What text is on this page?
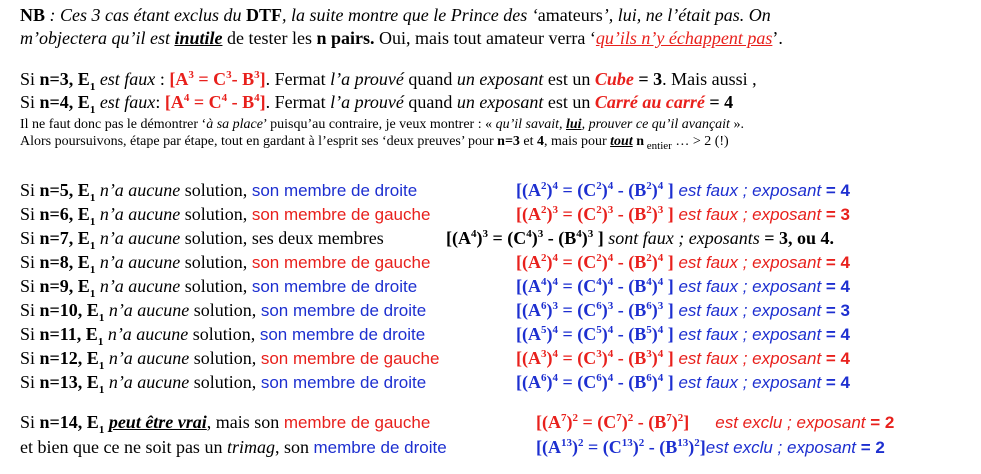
NB : Ces 3 cas étant exclus du DTF, la suite montre que le Prince des ‘amateurs’, lui, ne l’était pas. On
m’objectera qu’il est inutile de tester les n pairs. Oui, mais tout amateur verra ‘qu’ils n’y échappent pas’.
Si n=3, $E_1$ est faux : [$A^3 = C^3-$ $B^3$]. Fermat l’a prouvé quand un exposant est un Cube = 3. Mais aussi ,
Si n=4, $E_1$ est faux: $[A^4 = C^4 - B^4]$. Fermat l’a prouvé quand un exposant est un Carré au carré = 4
Il ne faut donc pas le démontrer ‘à sa place’ puisqu’au contraire, je veux montrer : « qu’il savait, lui, prouver ce qu’il avançait ».
Alors poursuivons, étape par étape, tout en gardant à l’esprit ses ‘deux preuves’ pour n=3 et 4, mais pour tout n $_{entier}$ … > 2 (!)
Si n=5, $E_1$ n’a aucune solution, son membre de droite	[$(A^2)^4 = (C^2)^4 - (B^2)^4$ ] est faux ; exposant = 4
Si n=6, $E_1$ n’a aucune solution, son membre de gauche	[$(A^2)^3 = (C^2)^3 - (B^2)^3$ ] est faux ; exposant = 3
Si n=7, $E_1$ n’a aucune solution, ses deux membres	[$(A^4)^3 = (C^4)^3 - (B^4)^3$ ] sont faux ; exposants = 3, ou 4.
Si n=8, $E_1$ n’a aucune solution, son membre de gauche	[$(A^2)^4 = (C^2)^4 - (B^2)^4$ ] est faux ; exposant = 4
Si n=9, $E_1$ n’a aucune solution, son membre de droite	[$(A^4)^4 = (C^4)^4 - (B^4)^4$ ] est faux ; exposant = 4
Si n=10, $E_1$ n’a aucune solution, son membre de droite	[$(A^6)^3 = (C^6)^3 - (B^6)^3$ ] est faux ; exposant = 3
Si n=11, $E_1$ n’a aucune solution, son membre de droite	[$(A^5)^4 = (C^5)^4 - (B^5)^4$ ] est faux ; exposant = 4
Si n=12, $E_1$ n’a aucune solution, son membre de gauche	[$(A^3)^4 = (C^3)^4 - (B^3)^4$ ] est faux ; exposant = 4
Si n=13, $E_1$ n’a aucune solution, son membre de droite	[$(A^6)^4 = (C^6)^4 - (B^6)^4$ ] est faux ; exposant = 4
Si n=14, $E_1$ peut être vrai, mais son membre de gauche	$[(A^7)^2 = (C^7)^2 - (B^7)^2]$ est exclu ; exposant = 2
et bien que ce ne soit pas un trimag, son membre de droite	$[(A^{13})^2 = (C^{13})^2 - (B^{13})^2]est$ exclu ; exposant = 2
